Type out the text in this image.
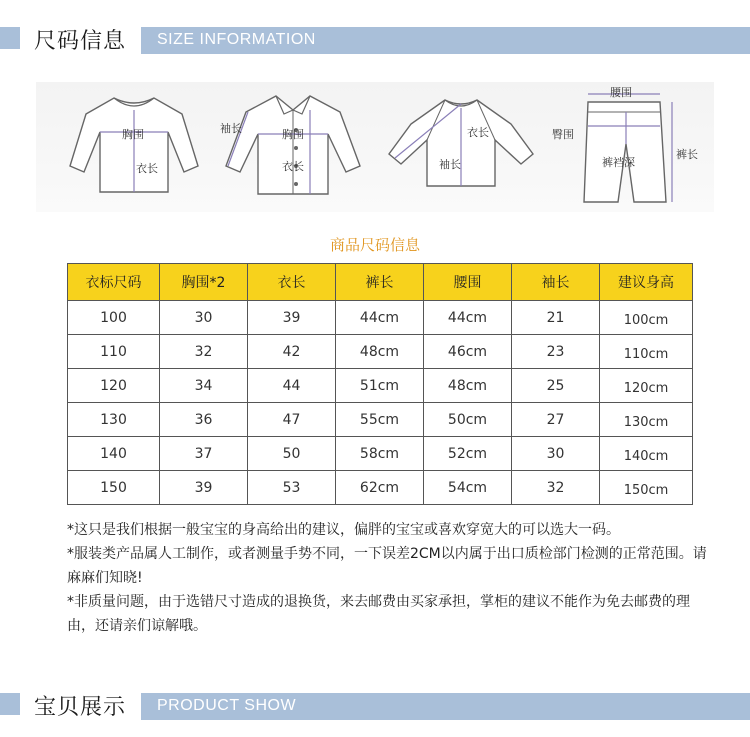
尺码信息 SIZE INFORMATION
胸围
衣长
袖长	胸围
衣长
衣长
袖长
腰围
臀围
裤裆深
裤长
商品尺码信息
衣标尺码	胸围*2	衣长	裤长	腰围	袖长	建议身高
100	30	39	44cm	44cm	21	100cm
110	32	42	48cm	46cm	23	110cm
120	34	44	51cm	48cm	25	120cm
130	36	47	55cm	50cm	27	130cm
140	37	50	58cm	52cm	30	140cm
150	39	53	62cm	54cm	32	150cm

*这只是我们根据一般宝宝的身高给出的建议，偏胖的宝宝或喜欢穿宽大的可以选大一码。

*服装类产品属人工制作，或者测量手势不同，一下误差2CM以内属于出口质检部门检测的正常范围。请麻麻们知晓!

*非质量问题，由于选错尺寸造成的退换货，来去邮费由买家承担，掌柜的建议不能作为免去邮费的理由，还请亲们谅解哦。

宝贝展示 PRODUCT SHOW
